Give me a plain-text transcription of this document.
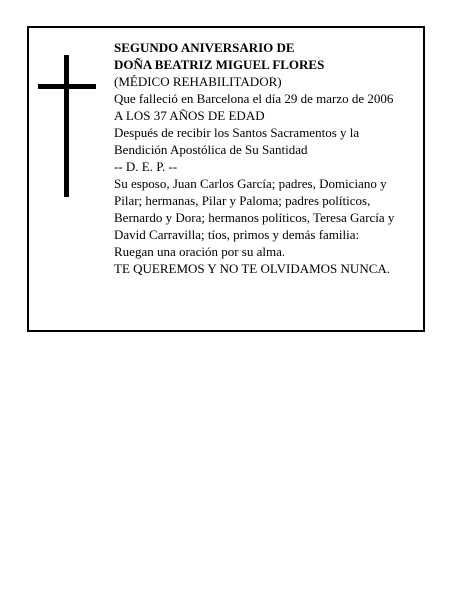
SEGUNDO ANIVERSARIO DE
DOÑA BEATRIZ MIGUEL FLORES
(MÉDICO REHABILITADOR)
Que falleció en Barcelona el día 29 de marzo de 2006
A LOS 37 AÑOS DE EDAD
Después de recibir los Santos Sacramentos y la
Bendición Apostólica de Su Santidad
-- D. E. P. --
Su esposo, Juan Carlos García; padres, Domiciano y
Pilar; hermanas, Pilar y Paloma; padres políticos,
Bernardo y Dora; hermanos políticos, Teresa García y
David Carravilla; tíos, primos y demás familia:
Ruegan una oración por su alma.
TE QUEREMOS Y NO TE OLVIDAMOS NUNCA.
